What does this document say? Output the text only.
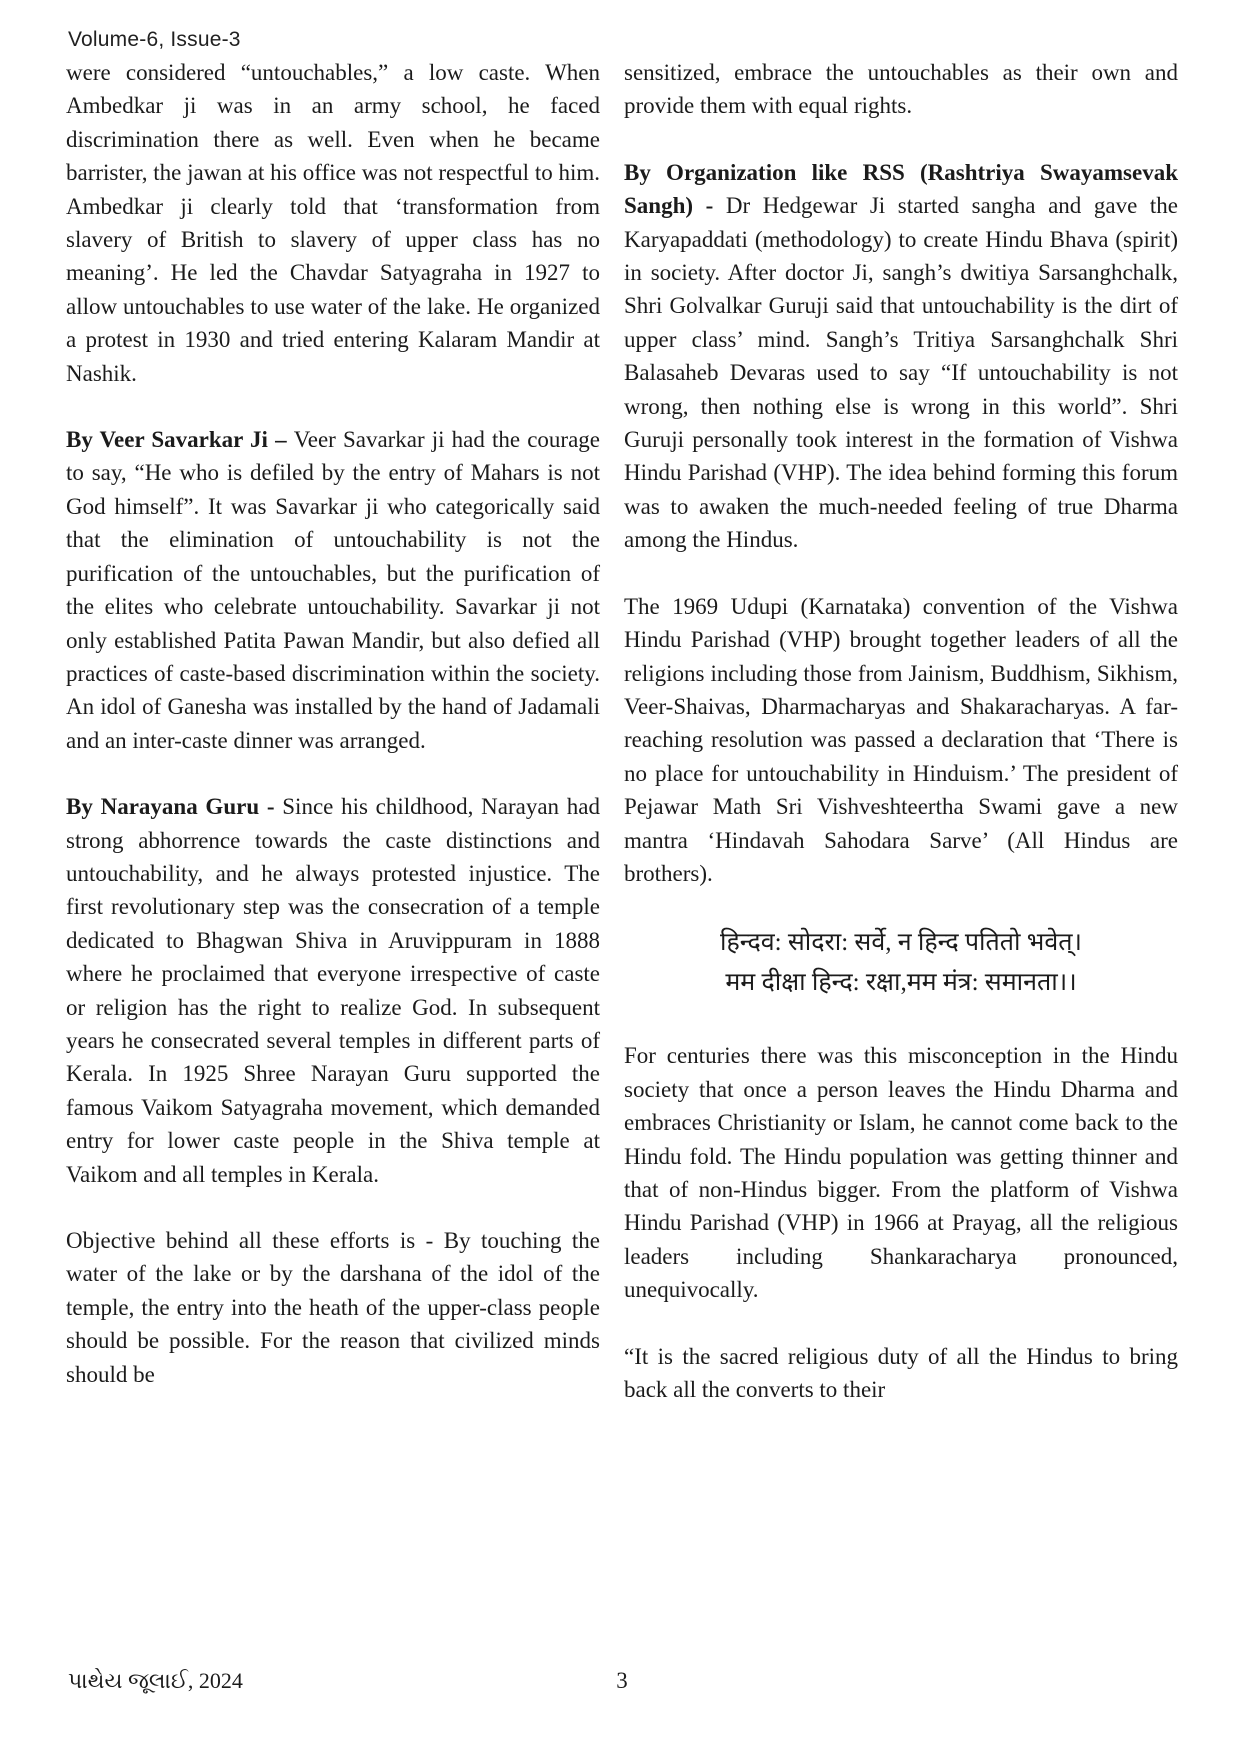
Volume-6, Issue-3

were considered “untouchables,” a low caste. When Ambedkar ji was in an army school, he faced discrimination there as well. Even when he became barrister, the jawan at his office was not respectful to him. Ambedkar ji clearly told that ‘transformation from slavery of British to slavery of upper class has no meaning’. He led the Chavdar Satyagraha in 1927 to allow untouchables to use water of the lake. He organized a protest in 1930 and tried entering Kalaram Mandir at Nashik.

By Veer Savarkar Ji – Veer Savarkar ji had the courage to say, “He who is defiled by the entry of Mahars is not God himself”. It was Savarkar ji who categorically said that the elimination of untouchability is not the purification of the untouchables, but the purification of the elites who celebrate untouchability. Savarkar ji not only established Patita Pawan Mandir, but also defied all practices of caste-based discrimination within the society. An idol of Ganesha was installed by the hand of Jadamali and an inter-caste dinner was arranged.

By Narayana Guru - Since his childhood, Narayan had strong abhorrence towards the caste distinctions and untouchability, and he always protested injustice. The first revolutionary step was the consecration of a temple dedicated to Bhagwan Shiva in Aruvippuram in 1888 where he proclaimed that everyone irrespective of caste or religion has the right to realize God. In subsequent years he consecrated several temples in different parts of Kerala. In 1925 Shree Narayan Guru supported the famous Vaikom Satyagraha movement, which demanded entry for lower caste people in the Shiva temple at Vaikom and all temples in Kerala.

Objective behind all these efforts is - By touching the water of the lake or by the darshana of the idol of the temple, the entry into the heath of the upper-class people should be possible. For the reason that civilized minds should be

sensitized, embrace the untouchables as their own and provide them with equal rights.

By Organization like RSS (Rashtriya Swayamsevak Sangh) - Dr Hedgewar Ji started sangha and gave the Karyapaddati (methodology) to create Hindu Bhava (spirit) in society. After doctor Ji, sangh’s dwitiya Sarsanghchalk, Shri Golvalkar Guruji said that untouchability is the dirt of upper class’ mind. Sangh’s Tritiya Sarsanghchalk Shri Balasaheb Devaras used to say “If untouchability is not wrong, then nothing else is wrong in this world”. Shri Guruji personally took interest in the formation of Vishwa Hindu Parishad (VHP). The idea behind forming this forum was to awaken the much-needed feeling of true Dharma among the Hindus.

The 1969 Udupi (Karnataka) convention of the Vishwa Hindu Parishad (VHP) brought together leaders of all the religions including those from Jainism, Buddhism, Sikhism, Veer-Shaivas, Dharmacharyas and Shakaracharyas. A far-reaching resolution was passed a declaration that ‘There is no place for untouchability in Hinduism.’ The president of Pejawar Math Sri Vishveshteertha Swami gave a new mantra ‘Hindavah Sahodara Sarve’ (All Hindus are brothers).

हिन्दव: सोदरा: सर्वे, न हिन्द पतितो भवेत्।
मम दीक्षा हिन्द: रक्षा,मम मंत्र: समानता।।

For centuries there was this misconception in the Hindu society that once a person leaves the Hindu Dharma and embraces Christianity or Islam, he cannot come back to the Hindu fold. The Hindu population was getting thinner and that of non-Hindus bigger. From the platform of Vishwa Hindu Parishad (VHP) in 1966 at Prayag, all the religious leaders including Shankaracharya pronounced, unequivocally.

“It is the sacred religious duty of all the Hindus to bring back all the converts to their

પાથેય જૂલાઈ, 2024	3
